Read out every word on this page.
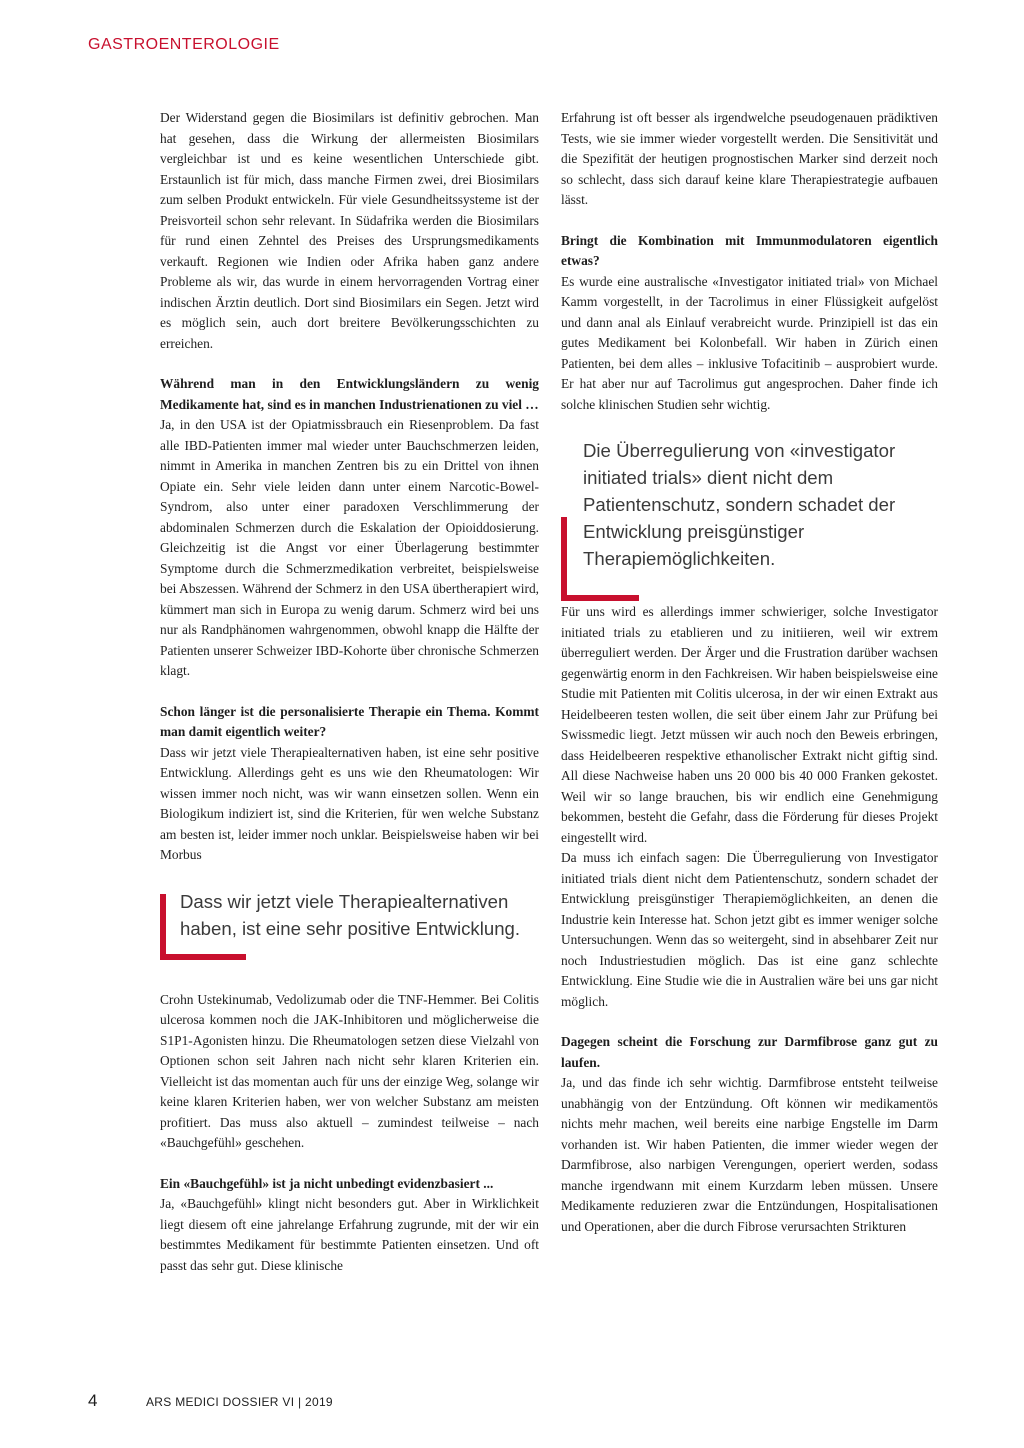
GASTROENTEROLOGIE

Der Widerstand gegen die Biosimilars ist definitiv gebrochen. Man hat gesehen, dass die Wirkung der allermeisten Biosimilars vergleichbar ist und es keine wesentlichen Unterschiede gibt. Erstaunlich ist für mich, dass manche Firmen zwei, drei Biosimilars zum selben Produkt entwickeln. Für viele Gesundheitssysteme ist der Preisvorteil schon sehr relevant. In Südafrika werden die Biosimilars für rund einen Zehntel des Preises des Ursprungsmedikaments verkauft. Regionen wie Indien oder Afrika haben ganz andere Probleme als wir, das wurde in einem hervorragenden Vortrag einer indischen Ärztin deutlich. Dort sind Biosimilars ein Segen. Jetzt wird es möglich sein, auch dort breitere Bevölkerungsschichten zu erreichen.

Während man in den Entwicklungsländern zu wenig Medikamente hat, sind es in manchen Industrienationen zu viel …

Ja, in den USA ist der Opiatmissbrauch ein Riesenproblem. Da fast alle IBD-Patienten immer mal wieder unter Bauchschmerzen leiden, nimmt in Amerika in manchen Zentren bis zu ein Drittel von ihnen Opiate ein. Sehr viele leiden dann unter einem Narcotic-Bowel-Syndrom, also unter einer paradoxen Verschlimmerung der abdominalen Schmerzen durch die Eskalation der Opioiddosierung. Gleichzeitig ist die Angst vor einer Überlagerung bestimmter Symptome durch die Schmerzmedikation verbreitet, beispielsweise bei Abszessen. Während der Schmerz in den USA übertherapiert wird, kümmert man sich in Europa zu wenig darum. Schmerz wird bei uns nur als Randphänomen wahrgenommen, obwohl knapp die Hälfte der Patienten unserer Schweizer IBD-Kohorte über chronische Schmerzen klagt.

Schon länger ist die personalisierte Therapie ein Thema. Kommt man damit eigentlich weiter?

Dass wir jetzt viele Therapiealternativen haben, ist eine sehr positive Entwicklung. Allerdings geht es uns wie den Rheumatologen: Wir wissen immer noch nicht, was wir wann einsetzen sollen. Wenn ein Biologikum indiziert ist, sind die Kriterien, für wen welche Substanz am besten ist, leider immer noch unklar. Beispielsweise haben wir bei Morbus

Dass wir jetzt viele Therapiealternativen haben, ist eine sehr positive Entwicklung.

Crohn Ustekinumab, Vedolizumab oder die TNF-Hemmer. Bei Colitis ulcerosa kommen noch die JAK-Inhibitoren und möglicherweise die S1P1-Agonisten hinzu. Die Rheumatologen setzen diese Vielzahl von Optionen schon seit Jahren nach nicht sehr klaren Kriterien ein. Vielleicht ist das momentan auch für uns der einzige Weg, solange wir keine klaren Kriterien haben, wer von welcher Substanz am meisten profitiert. Das muss also aktuell – zumindest teilweise – nach «Bauchgefühl» geschehen.

Ein «Bauchgefühl» ist ja nicht unbedingt evidenzbasiert ...

Ja, «Bauchgefühl» klingt nicht besonders gut. Aber in Wirklichkeit liegt diesem oft eine jahrelange Erfahrung zugrunde, mit der wir ein bestimmtes Medikament für bestimmte Patienten einsetzen. Und oft passt das sehr gut. Diese klinische

Erfahrung ist oft besser als irgendwelche pseudogenauen prädiktiven Tests, wie sie immer wieder vorgestellt werden. Die Sensitivität und die Spezifität der heutigen prognostischen Marker sind derzeit noch so schlecht, dass sich darauf keine klare Therapiestrategie aufbauen lässt.

Bringt die Kombination mit Immunmodulatoren eigentlich etwas?

Es wurde eine australische «Investigator initiated trial» von Michael Kamm vorgestellt, in der Tacrolimus in einer Flüssigkeit aufgelöst und dann anal als Einlauf verabreicht wurde. Prinzipiell ist das ein gutes Medikament bei Kolonbefall. Wir haben in Zürich einen Patienten, bei dem alles – inklusive Tofacitinib – ausprobiert wurde. Er hat aber nur auf Tacrolimus gut angesprochen. Daher finde ich solche klinischen Studien sehr wichtig.

Die Überregulierung von «investigator initiated trials» dient nicht dem Patientenschutz, sondern schadet der Entwicklung preisgünstiger Therapiemöglichkeiten.

Für uns wird es allerdings immer schwieriger, solche Investigator initiated trials zu etablieren und zu initiieren, weil wir extrem überreguliert werden. Der Ärger und die Frustration darüber wachsen gegenwärtig enorm in den Fachkreisen. Wir haben beispielsweise eine Studie mit Patienten mit Colitis ulcerosa, in der wir einen Extrakt aus Heidelbeeren testen wollen, die seit über einem Jahr zur Prüfung bei Swissmedic liegt. Jetzt müssen wir auch noch den Beweis erbringen, dass Heidelbeeren respektive ethanolischer Extrakt nicht giftig sind. All diese Nachweise haben uns 20 000 bis 40 000 Franken gekostet. Weil wir so lange brauchen, bis wir endlich eine Genehmigung bekommen, besteht die Gefahr, dass die Förderung für dieses Projekt eingestellt wird.

Da muss ich einfach sagen: Die Überregulierung von Investigator initiated trials dient nicht dem Patientenschutz, sondern schadet der Entwicklung preisgünstiger Therapiemöglichkeiten, an denen die Industrie kein Interesse hat. Schon jetzt gibt es immer weniger solche Untersuchungen. Wenn das so weitergeht, sind in absehbarer Zeit nur noch Industriestudien möglich. Das ist eine ganz schlechte Entwicklung. Eine Studie wie die in Australien wäre bei uns gar nicht möglich.

Dagegen scheint die Forschung zur Darmfibrose ganz gut zu laufen.

Ja, und das finde ich sehr wichtig. Darmfibrose entsteht teilweise unabhängig von der Entzündung. Oft können wir medikamentös nichts mehr machen, weil bereits eine narbige Engstelle im Darm vorhanden ist. Wir haben Patienten, die immer wieder wegen der Darmfibrose, also narbigen Verengungen, operiert werden, sodass manche irgendwann mit einem Kurzdarm leben müssen. Unsere Medikamente reduzieren zwar die Entzündungen, Hospitalisationen und Operationen, aber die durch Fibrose verursachten Strikturen

4	ARS MEDICI DOSSIER VI | 2019
